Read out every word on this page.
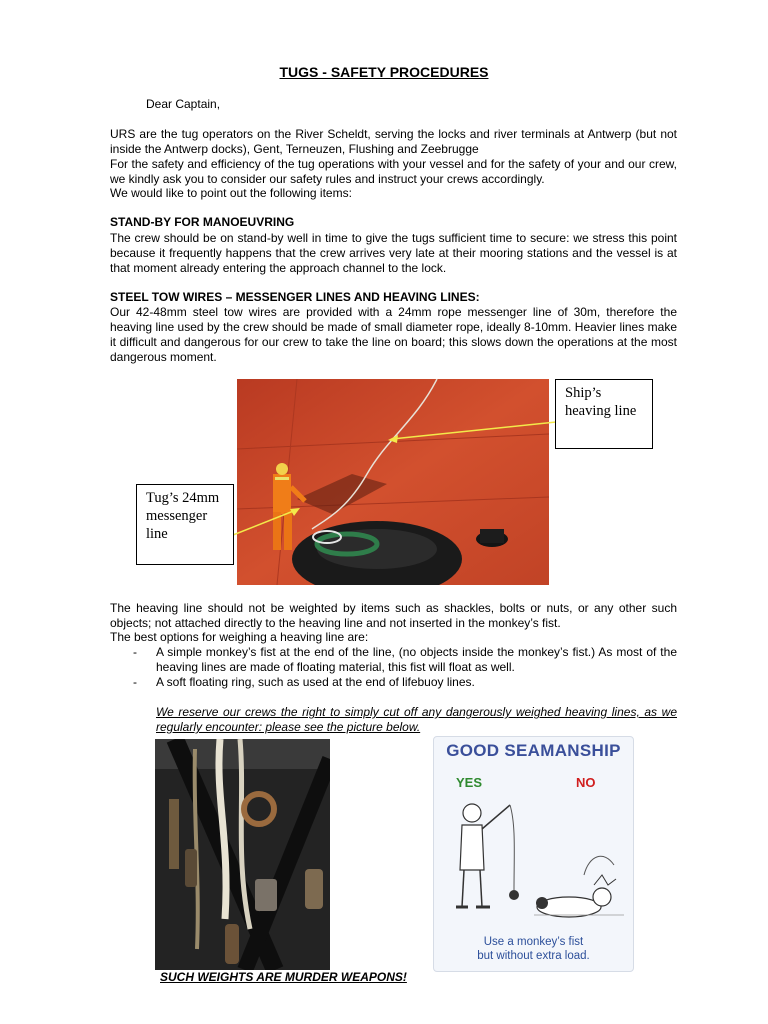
TUGS - SAFETY PROCEDURES
Dear Captain,
URS are the tug operators on the River Scheldt, serving the locks and river terminals at Antwerp (but not inside the Antwerp docks), Gent, Terneuzen, Flushing and Zeebrugge
For the safety and efficiency of the tug operations with your vessel and for the safety of your and our crew, we kindly ask you to consider our safety rules and instruct your crews accordingly.
We would like to point out the following items:
STAND-BY FOR MANOEUVRING
The crew should be on stand-by well in time to give the tugs sufficient time to secure: we stress this point because it frequently happens that the crew arrives very late at their mooring stations and the vessel is at that moment already entering the approach channel to the lock.
STEEL TOW WIRES – MESSENGER LINES AND HEAVING LINES:
Our 42-48mm steel tow wires are provided with a 24mm rope messenger line of 30m, therefore the heaving line used by the crew should be made of small diameter rope, ideally 8-10mm. Heavier lines make it difficult and dangerous for our crew to take the line on board; this slows down the operations at the most dangerous moment.
Ship’s heaving line
Tug’s 24mm messenger line
The heaving line should not be weighted by items such as shackles, bolts or nuts, or any other such objects; not attached directly to the heaving line and not inserted in the monkey’s fist.
The best options for weighing a heaving line are:
- A simple monkey’s fist at the end of the line, (no objects inside the monkey’s fist.) As most of the heaving lines are made of floating material, this fist will float as well.
- A soft floating ring, such as used at the end of lifebuoy lines.
We reserve our crews the right to simply cut off any dangerously weighed heaving lines, as we regularly encounter: please see the picture below.
GOOD SEAMANSHIP
YES	NO
Use a monkey’s fist
but without extra load.
SUCH WEIGHTS ARE MURDER WEAPONS!
